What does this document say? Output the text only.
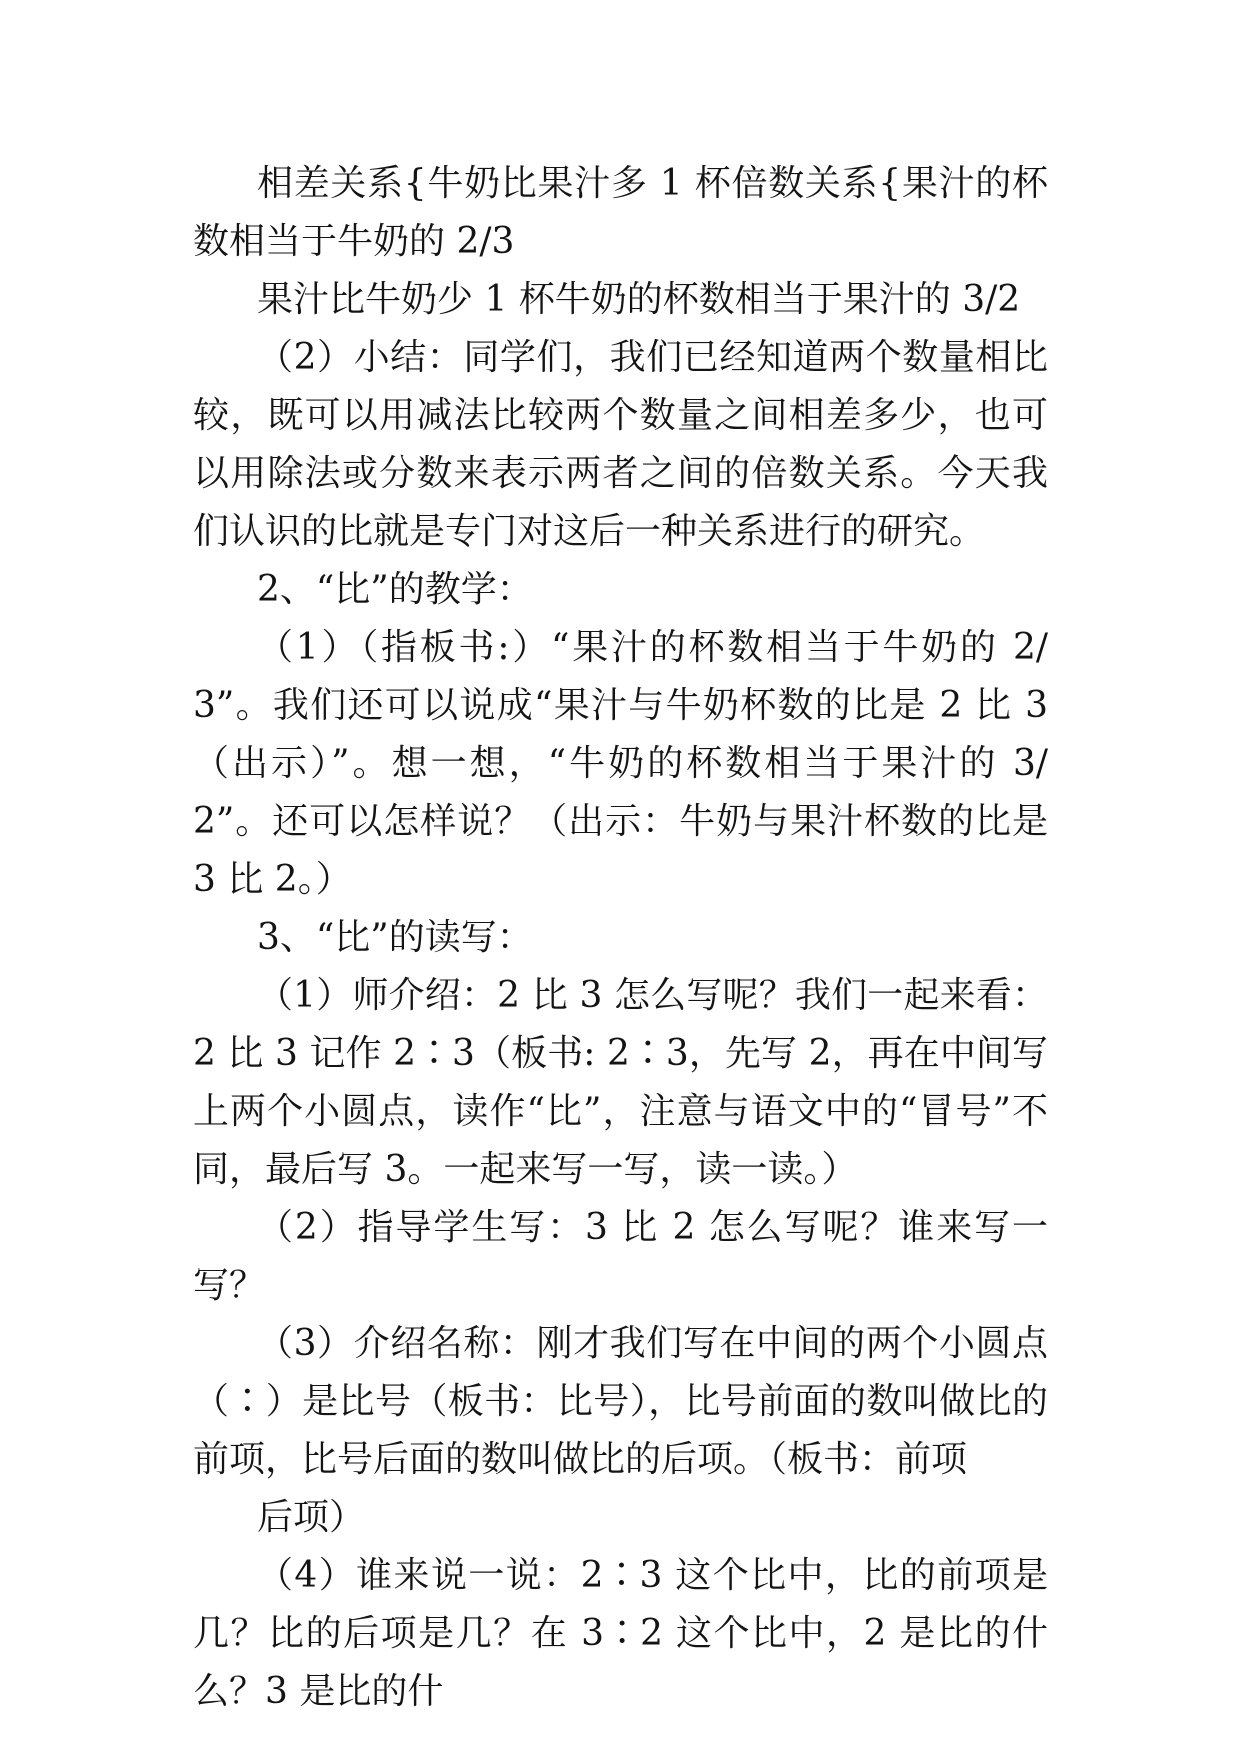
相差关系{牛奶比果汁多 1 杯倍数关系{果汁的杯数相当于牛奶的 2/3

果汁比牛奶少 1 杯牛奶的杯数相当于果汁的 3/2

（2）小结：同学们，我们已经知道两个数量相比较，既可以用减法比较两个数量之间相差多少，也可以用除法或分数来表示两者之间的倍数关系。今天我们认识的比就是专门对这后一种关系进行的研究。

2、“比”的教学：

（1）（指板书:）“果汁的杯数相当于牛奶的 2/3”。我们还可以说成“果汁与牛奶杯数的比是 2 比 3（出示）”。想一想，“牛奶的杯数相当于果汁的 3/2”。还可以怎样说？（出示：牛奶与果汁杯数的比是 3 比 2。）

3、“比”的读写：

（1）师介绍：2 比 3 怎么写呢？我们一起来看：2 比 3 记作 2∶3（板书: 2∶3，先写 2，再在中间写上两个小圆点，读作“比”，注意与语文中的“冒号”不同，最后写 3。一起来写一写，读一读。）

（2）指导学生写：3 比 2 怎么写呢？谁来写一写？

（3）介绍名称：刚才我们写在中间的两个小圆点（∶）是比号（板书：比号），比号前面的数叫做比的前项，比号后面的数叫做比的后项。（板书：前项

后项）

（4）谁来说一说：2∶3 这个比中，比的前项是几？比的后项是几？在 3∶2 这个比中，2 是比的什么？3 是比的什
